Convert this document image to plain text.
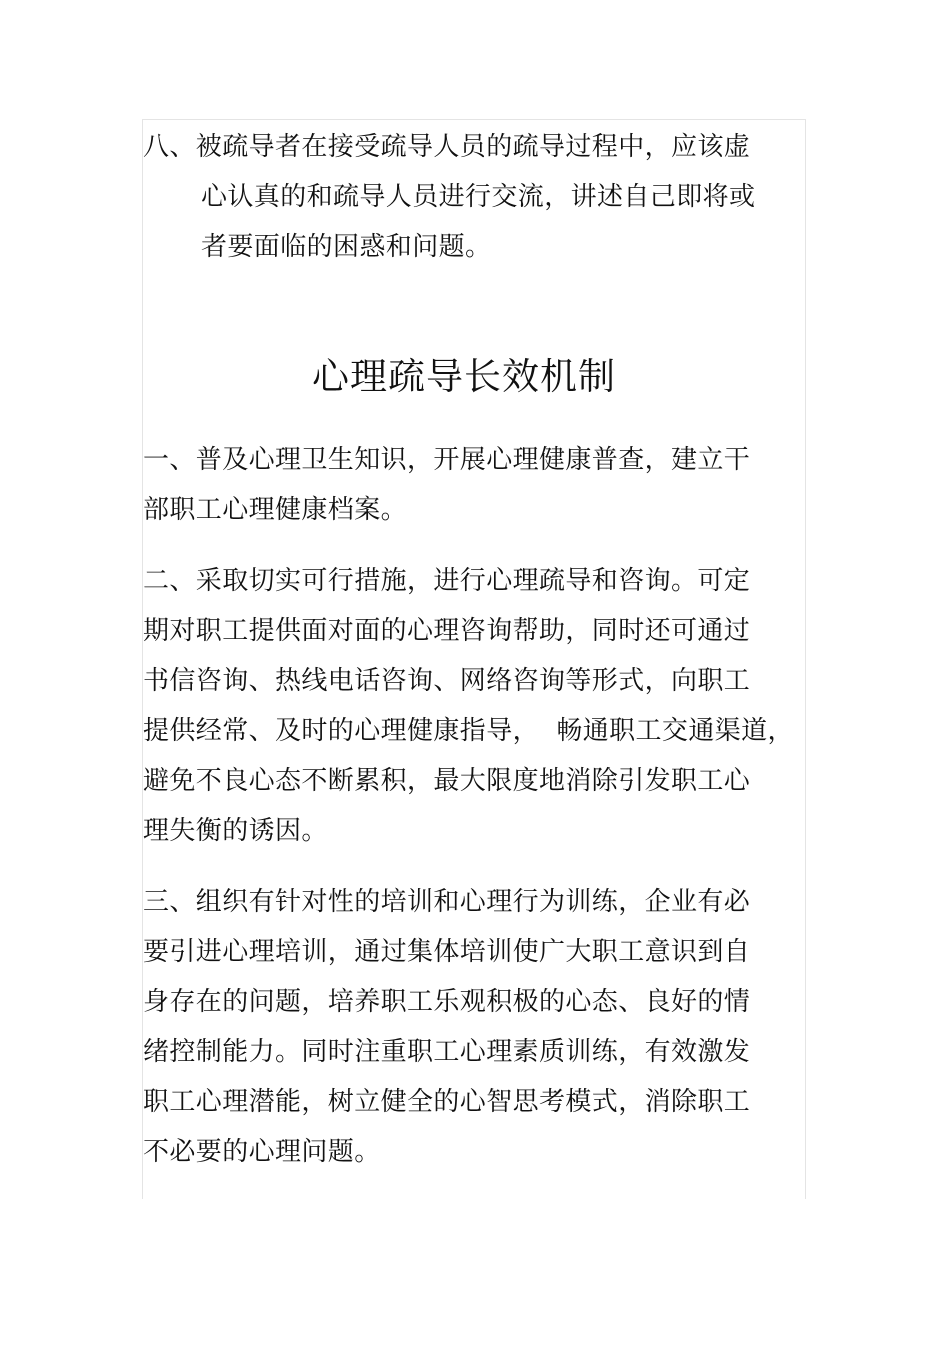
八、被疏导者在接受疏导人员的疏导过程中，应该虚
心认真的和疏导人员进行交流，讲述自己即将或
者要面临的困惑和问题。
心理疏导长效机制
一、普及心理卫生知识，开展心理健康普查，建立干
部职工心理健康档案。
二、采取切实可行措施，进行心理疏导和咨询。可定
期对职工提供面对面的心理咨询帮助，同时还可通过
书信咨询、热线电话咨询、网络咨询等形式，向职工
提供经常、及时的心理健康指导，  畅通职工交通渠道，
避免不良心态不断累积，最大限度地消除引发职工心
理失衡的诱因。
三、组织有针对性的培训和心理行为训练，企业有必
要引进心理培训，通过集体培训使广大职工意识到自
身存在的问题，培养职工乐观积极的心态、良好的情
绪控制能力。同时注重职工心理素质训练，有效激发
职工心理潜能，树立健全的心智思考模式，消除职工
不必要的心理问题。
